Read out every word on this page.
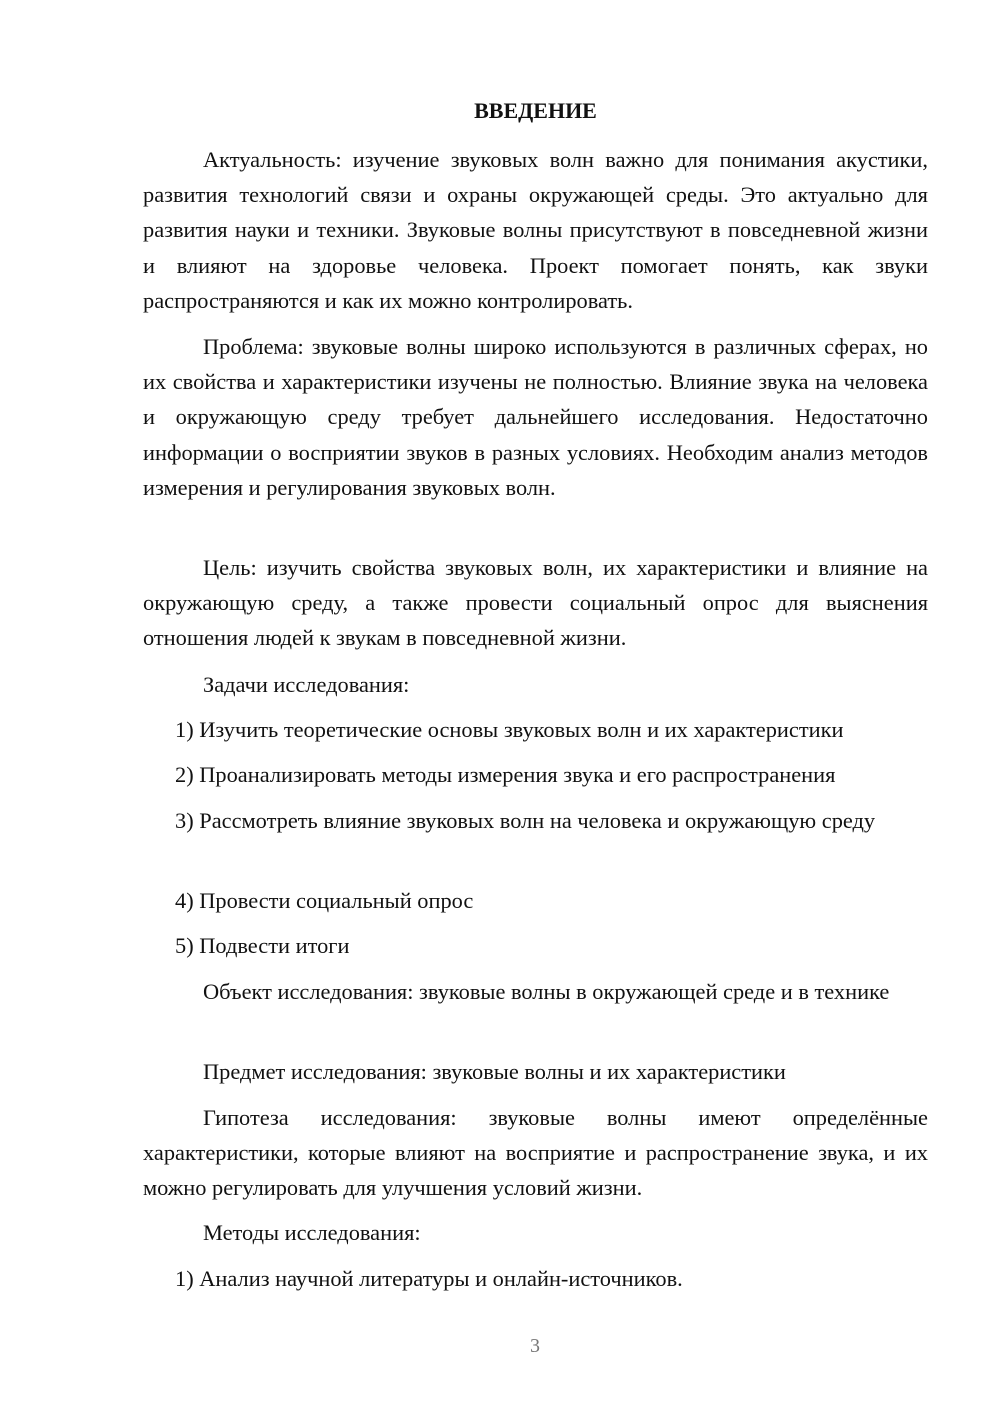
ВВЕДЕНИЕ

Актуальность: изучение звуковых волн важно для понимания акустики, развития технологий связи и охраны окружающей среды. Это актуально для развития науки и техники. Звуковые волны присутствуют в повседневной жизни и влияют на здоровье человека. Проект помогает понять, как звуки распространяются и как их можно контролировать.

Проблема: звуковые волны широко используются в различных сферах, но их свойства и характеристики изучены не полностью. Влияние звука на человека и окружающую среду требует дальнейшего исследования. Недостаточно информации о восприятии звуков в разных условиях. Необходим анализ методов измерения и регулирования звуковых волн.

Цель: изучить свойства звуковых волн, их характеристики и влияние на окружающую среду, а также провести социальный опрос для выяснения отношения людей к звукам в повседневной жизни.

Задачи исследования:

1) Изучить теоретические основы звуковых волн и их характеристики

2) Проанализировать методы измерения звука и его распространения

3) Рассмотреть влияние звуковых волн на человека и окружающую среду

4) Провести социальный опрос

5) Подвести итоги

Объект исследования: звуковые волны в окружающей среде и в технике

Предмет исследования: звуковые волны и их характеристики

Гипотеза исследования: звуковые волны имеют определённые характеристики, которые влияют на восприятие и распространение звука, и их можно регулировать для улучшения условий жизни.

Методы исследования:

1) Анализ научной литературы и онлайн-источников.

3
